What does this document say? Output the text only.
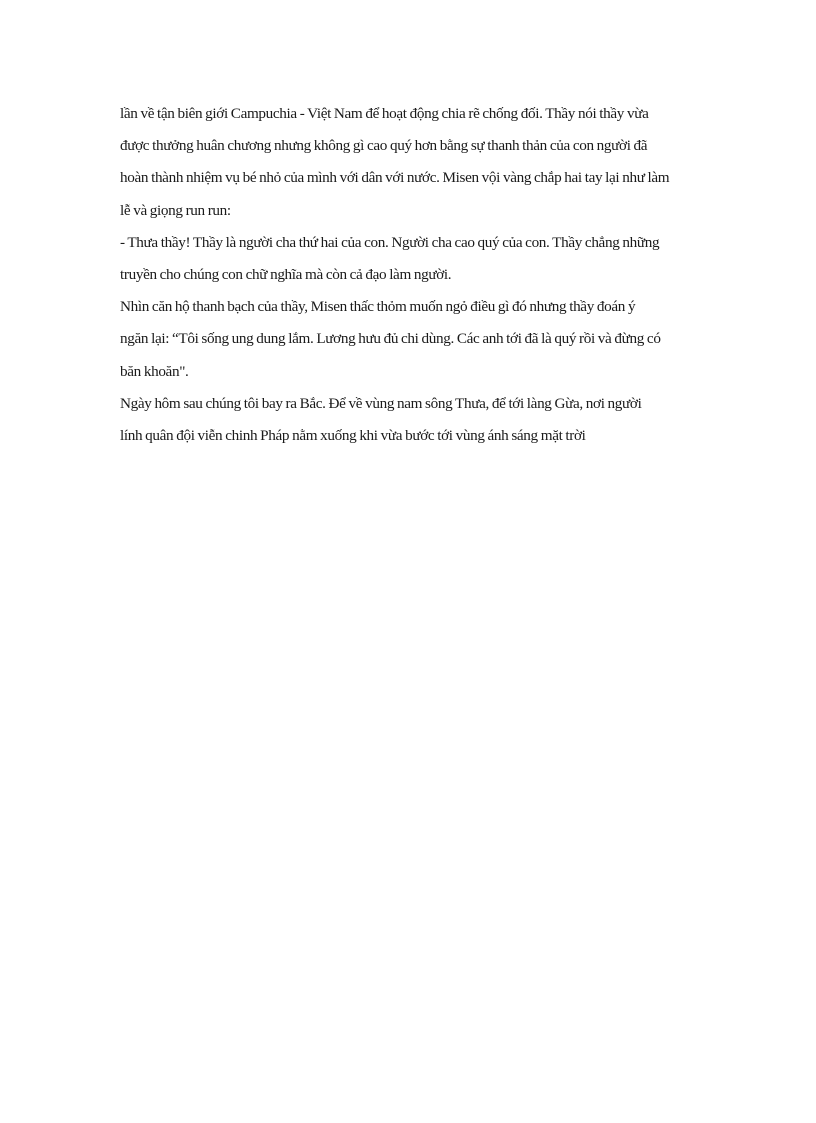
lần về tận biên giới Campuchia - Việt Nam để hoạt động chia rẽ chống đối. Thầy nói thầy vừa
được thưởng huân chương nhưng không gì cao quý hơn bằng sự thanh thản của con người đã
hoàn thành nhiệm vụ bé nhỏ của mình với dân với nước. Misen vội vàng chắp hai tay lại như làm
lễ và giọng run run:
- Thưa thầy! Thầy là người cha thứ hai của con. Người cha cao quý của con. Thầy chẳng những
truyền cho chúng con chữ nghĩa mà còn cả đạo làm người.
Nhìn căn hộ thanh bạch của thầy, Misen thấc thỏm muốn ngỏ điều gì đó nhưng thầy đoán ý
ngăn lại: “Tôi sống ung dung lắm. Lương hưu đủ chi dùng. Các anh tới đã là quý rồi và đừng có
băn khoăn".
Ngày hôm sau chúng tôi bay ra Bắc. Để về vùng nam sông Thưa, để tới làng Gừa, nơi người
lính quân đội viễn chinh Pháp nằm xuống khi vừa bước tới vùng ánh sáng mặt trời
